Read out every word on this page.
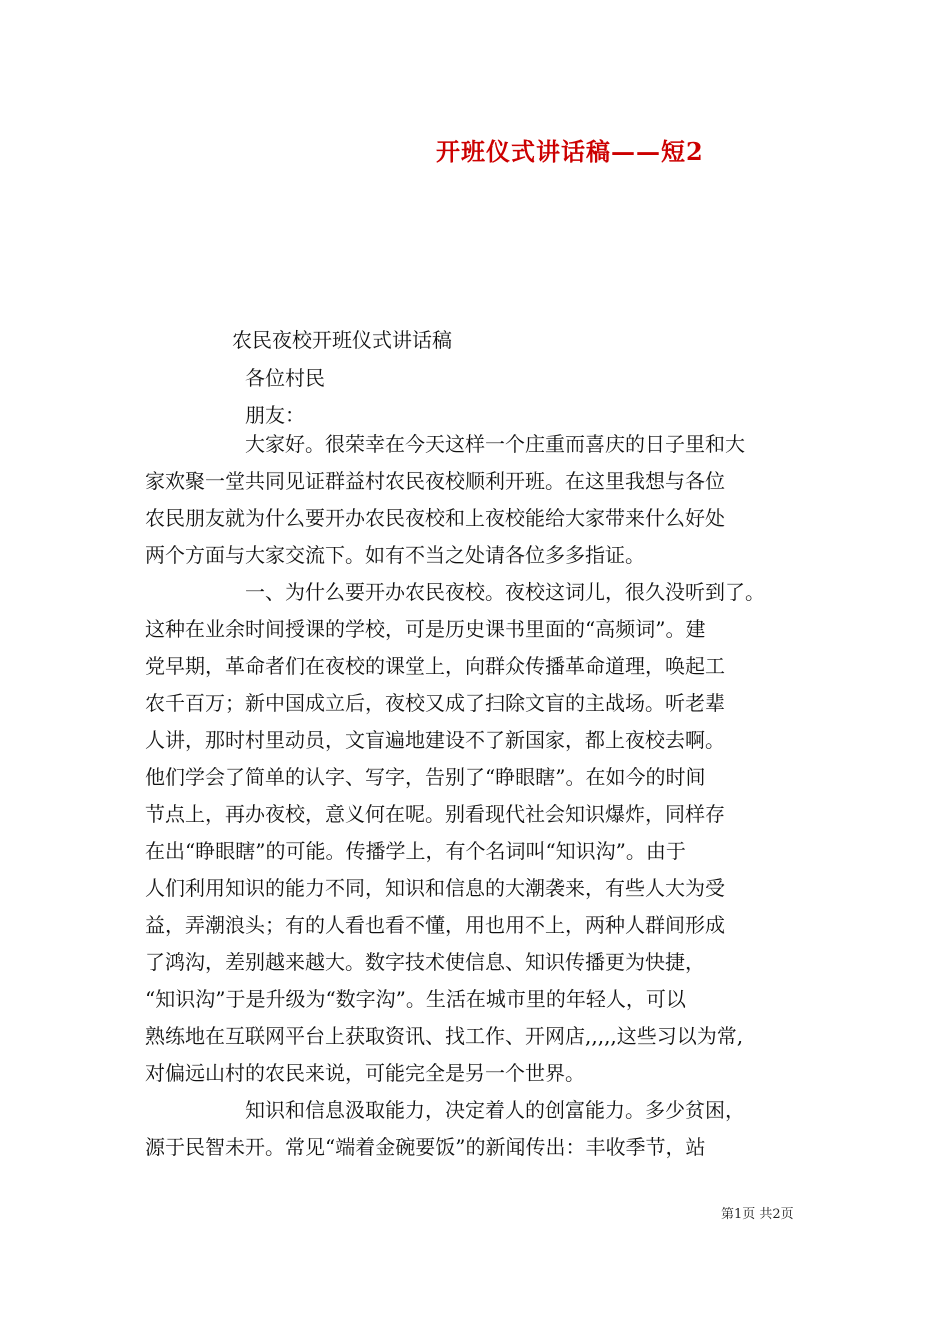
开班仪式讲话稿——短2
农民夜校开班仪式讲话稿
各位村民
朋友：
大家好。很荣幸在今天这样一个庄重而喜庆的日子里和大
家欢聚一堂共同见证群益村农民夜校顺利开班。在这里我想与各位
农民朋友就为什么要开办农民夜校和上夜校能给大家带来什么好处
两个方面与大家交流下。如有不当之处请各位多多指证。
一、为什么要开办农民夜校。夜校这词儿，很久没听到了。
这种在业余时间授课的学校，可是历史课书里面的“高频词”。建
党早期，革命者们在夜校的课堂上，向群众传播革命道理，唤起工
农千百万；新中国成立后，夜校又成了扫除文盲的主战场。听老辈
人讲，那时村里动员，文盲遍地建设不了新国家，都上夜校去啊。
他们学会了简单的认字、写字，告别了“睁眼瞎”。在如今的时间
节点上，再办夜校，意义何在呢。别看现代社会知识爆炸，同样存
在出“睁眼瞎”的可能。传播学上，有个名词叫“知识沟”。由于
人们利用知识的能力不同，知识和信息的大潮袭来，有些人大为受
益，弄潮浪头；有的人看也看不懂，用也用不上，两种人群间形成
了鸿沟，差别越来越大。数字技术使信息、知识传播更为快捷，
“知识沟”于是升级为“数字沟”。生活在城市里的年轻人，可以
熟练地在互联网平台上获取资讯、找工作、开网店,,,,,这些习以为常,
对偏远山村的农民来说，可能完全是另一个世界。
知识和信息汲取能力，决定着人的创富能力。多少贫困，
源于民智未开。常见“端着金碗要饭”的新闻传出：丰收季节，站
第1页 共2页
